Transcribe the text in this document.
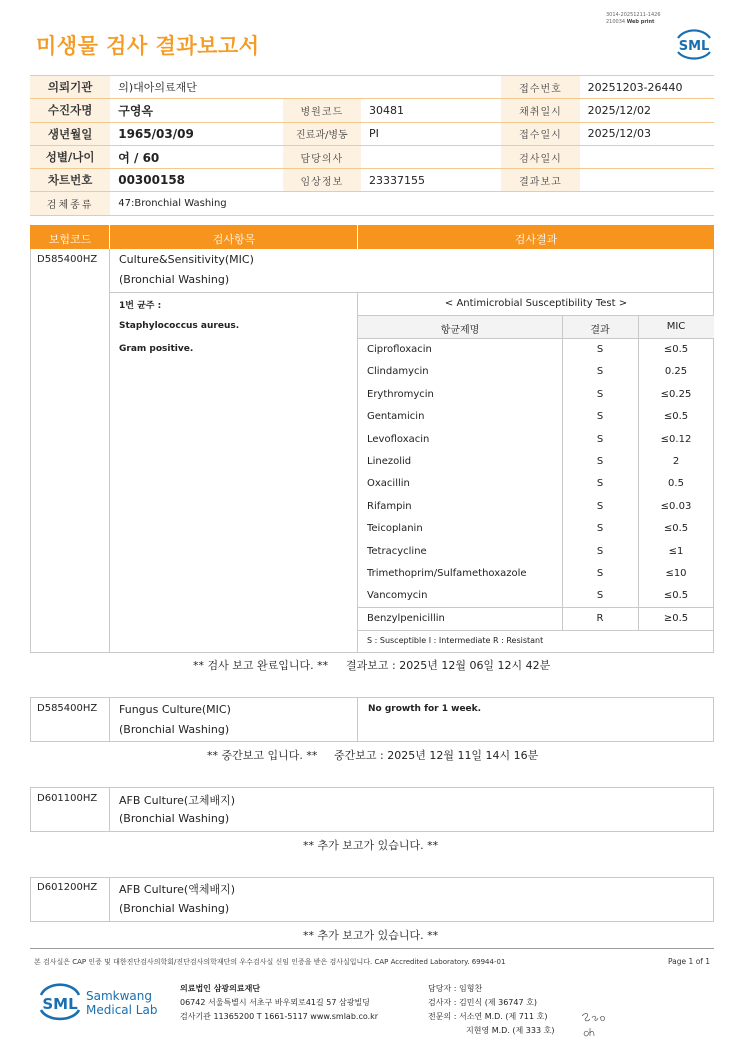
미생물 검사 결과보고서
3014-20251211-1426
210034 Web print
SML
의뢰기관	의)대아의료재단			접수번호	20251203-26440
수진자명	구영옥	병원코드	30481	채취일시	2025/12/02
생년월일	1965/03/09	진료과/병동	PI	접수일시	2025/12/03
성별/나이	여 / 60	담당의사		검사일시	
차트번호	00300158	임상정보	23337155	결과보고	
검체종류	47:Bronchial Washing				
보험코드	검사항목	검사결과
D585400HZ Culture&Sensitivity(MIC)
(Bronchial Washing)
1번 균주 :
Staphylococcus aureus.
Gram positive.
< Antimicrobial Susceptibility Test >
항균제명	결과	MIC
Ciprofloxacin	S	≤0.5
Clindamycin	S	0.25
Erythromycin	S	≤0.25
Gentamicin	S	≤0.5
Levofloxacin	S	≤0.12
Linezolid	S	2
Oxacillin	S	0.5
Rifampin	S	≤0.03
Teicoplanin	S	≤0.5
Tetracycline	S	≤1
Trimethoprim/Sulfamethoxazole	S	≤10
Vancomycin	S	≤0.5
Benzylpenicillin	R	≥0.5
S : Susceptible I : Intermediate R : Resistant
** 검사 보고 완료입니다. ** 결과보고 : 2025년 12월 06일 12시 42분
D585400HZ Fungus Culture(MIC)
(Bronchial Washing)
No growth for 1 week.
** 중간보고 입니다. ** 중간보고 : 2025년 12월 11일 14시 16분
D601100HZ AFB Culture(고체배지)
(Bronchial Washing)
** 추가 보고가 있습니다. **
D601200HZ AFB Culture(액체배지)
(Bronchial Washing)
** 추가 보고가 있습니다. **
본 검사실은 CAP 인증 및 대한진단검사의학회/진단검사의학재단의 우수검사실 신임 인증을 받은 검사실입니다. CAP Accredited Laboratory. 69944-01	Page 1 of 1
SML Samkwang
Medical Lab
의료법인 삼광의료재단
06742 서울특별시 서초구 바우뫼로41길 57 삼광빌딩
검사기관 11365200 T 1661-5117 www.smlab.co.kr
담당자 : 임형찬
검사자 : 김민식 (제 36747 호)
전문의 : 서소연 M.D. (제 711 호)
지현영 M.D. (제 333 호)
